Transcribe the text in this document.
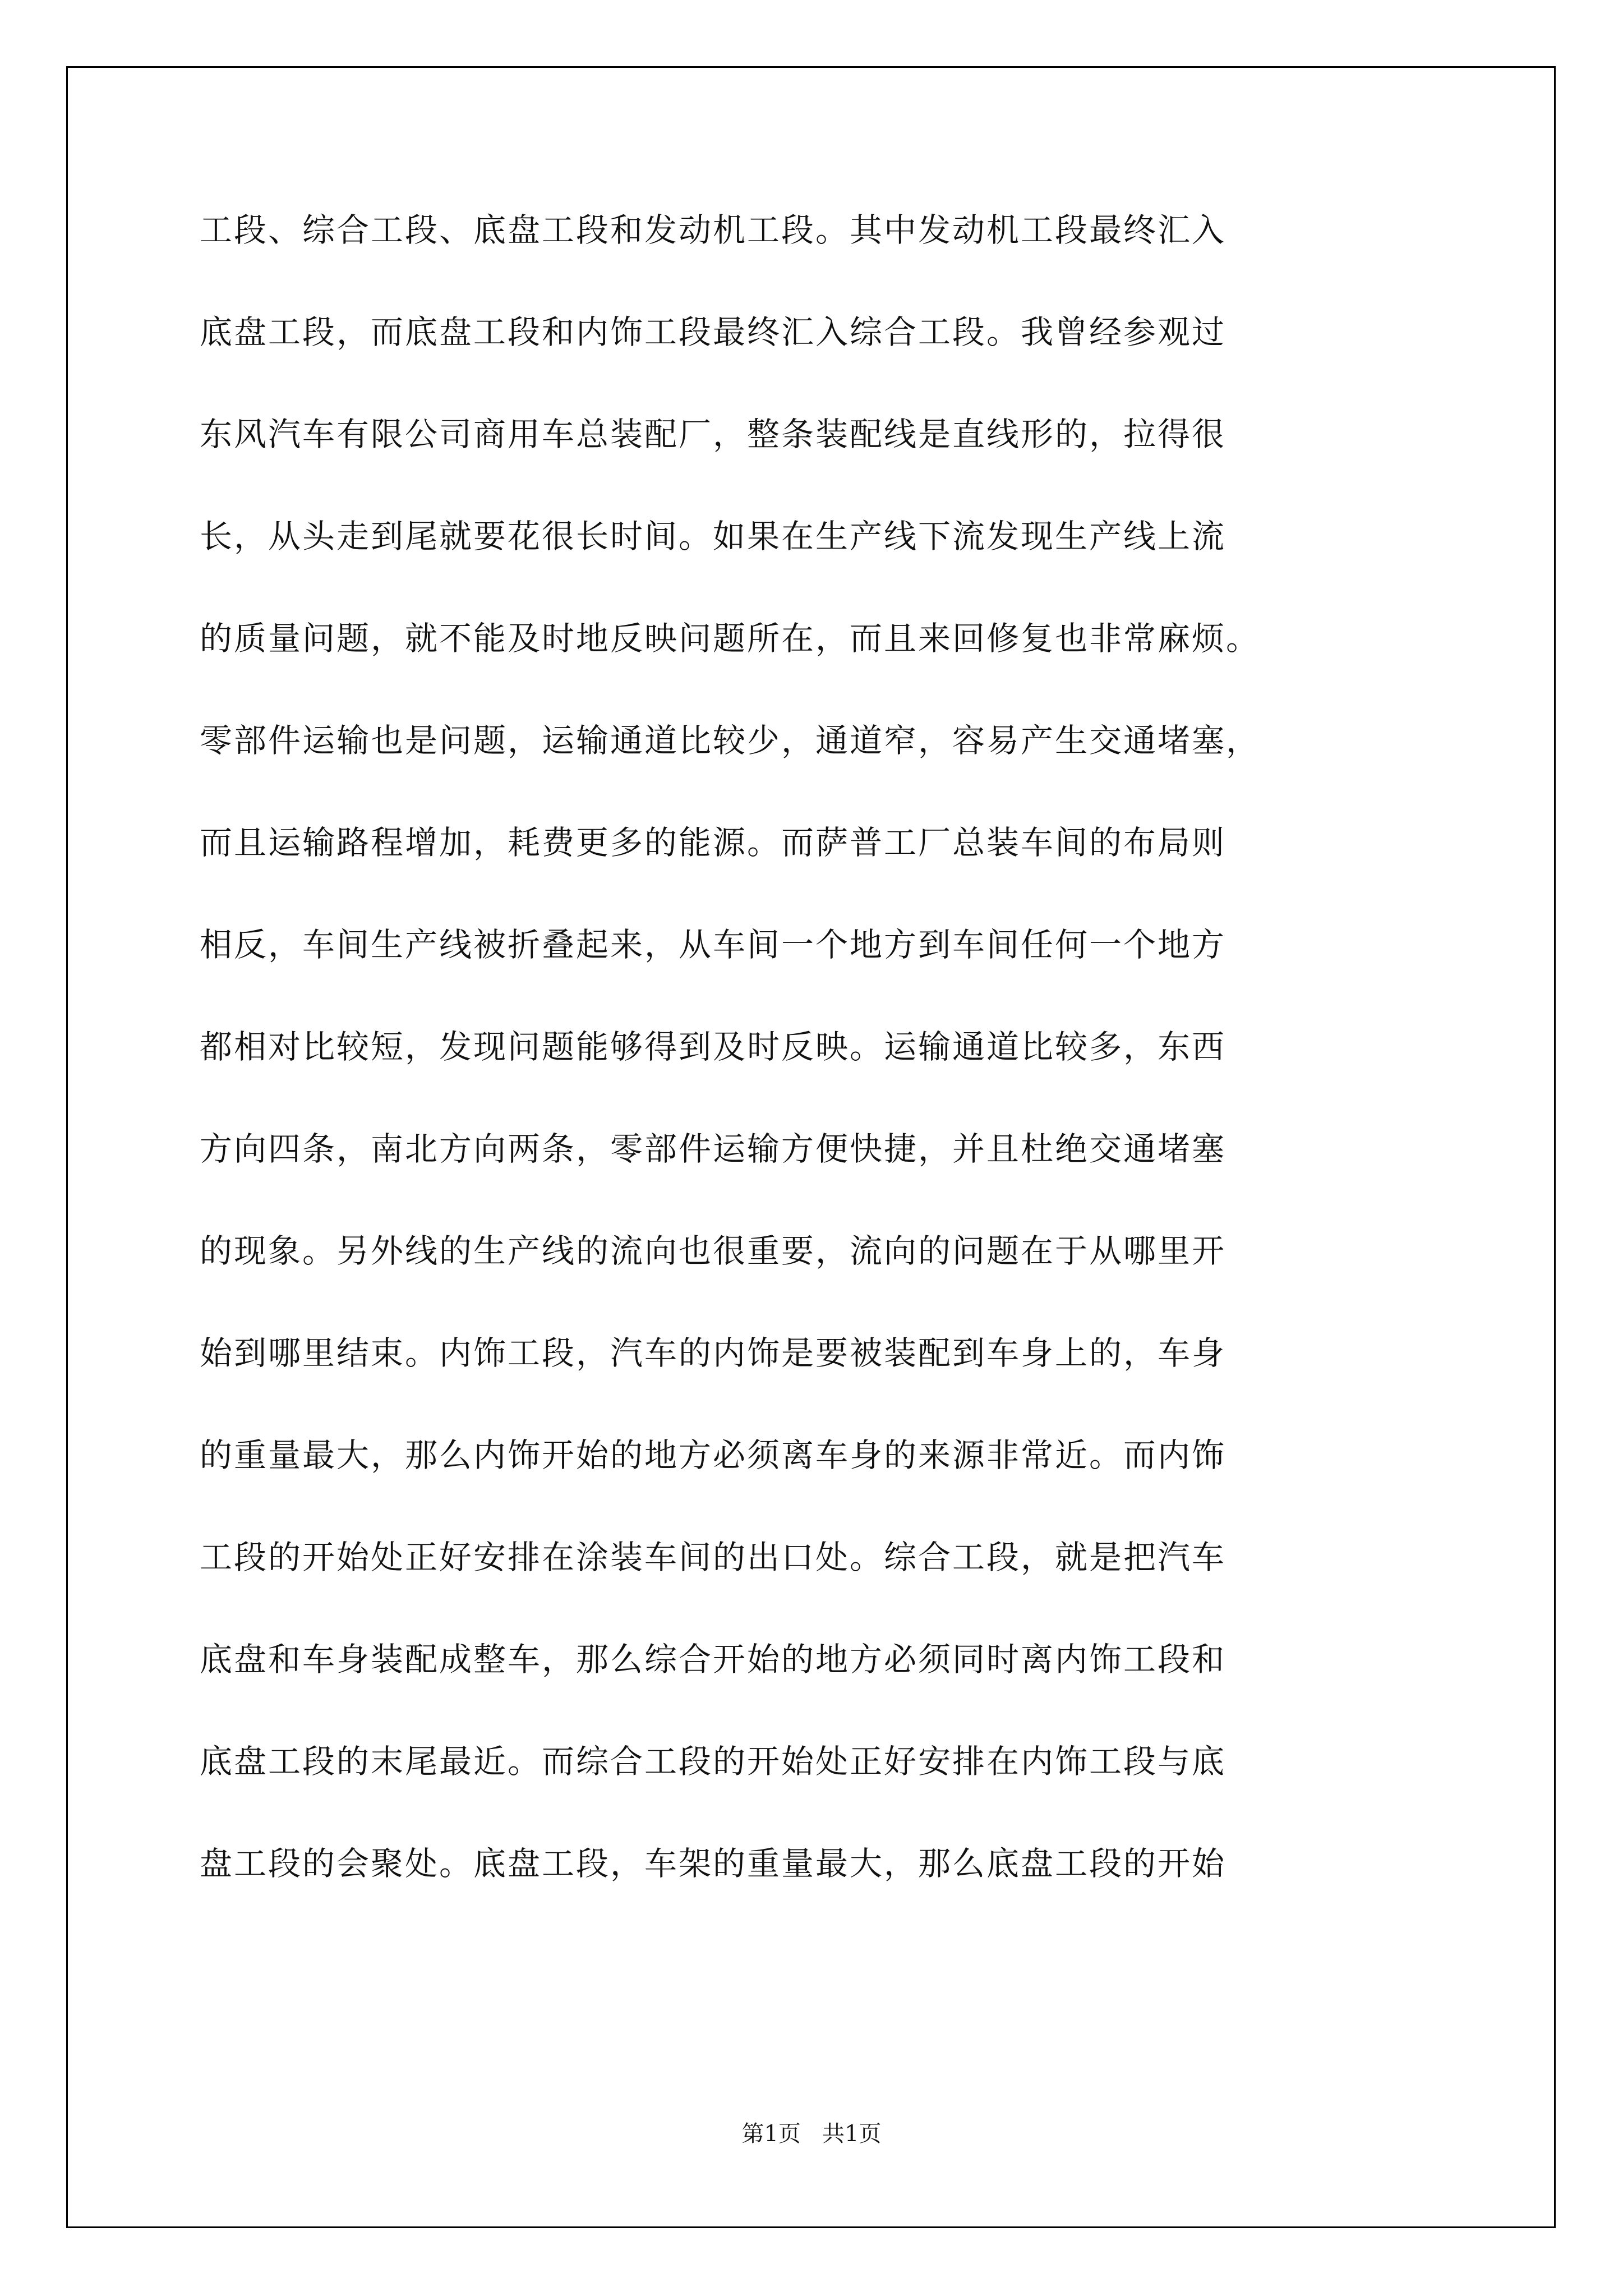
工段、综合工段、底盘工段和发动机工段。其中发动机工段最终汇入
底盘工段，而底盘工段和内饰工段最终汇入综合工段。我曾经参观过
东风汽车有限公司商用车总装配厂，整条装配线是直线形的，拉得很
长，从头走到尾就要花很长时间。如果在生产线下流发现生产线上流
的质量问题，就不能及时地反映问题所在，而且来回修复也非常麻烦。
零部件运输也是问题，运输通道比较少，通道窄，容易产生交通堵塞，
而且运输路程增加，耗费更多的能源。而萨普工厂总装车间的布局则
相反，车间生产线被折叠起来，从车间一个地方到车间任何一个地方
都相对比较短，发现问题能够得到及时反映。运输通道比较多，东西
方向四条，南北方向两条，零部件运输方便快捷，并且杜绝交通堵塞
的现象。另外线的生产线的流向也很重要，流向的问题在于从哪里开
始到哪里结束。内饰工段，汽车的内饰是要被装配到车身上的，车身
的重量最大，那么内饰开始的地方必须离车身的来源非常近。而内饰
工段的开始处正好安排在涂装车间的出口处。综合工段，就是把汽车
底盘和车身装配成整车，那么综合开始的地方必须同时离内饰工段和
底盘工段的末尾最近。而综合工段的开始处正好安排在内饰工段与底
盘工段的会聚处。底盘工段，车架的重量最大，那么底盘工段的开始
第1页   共1页
